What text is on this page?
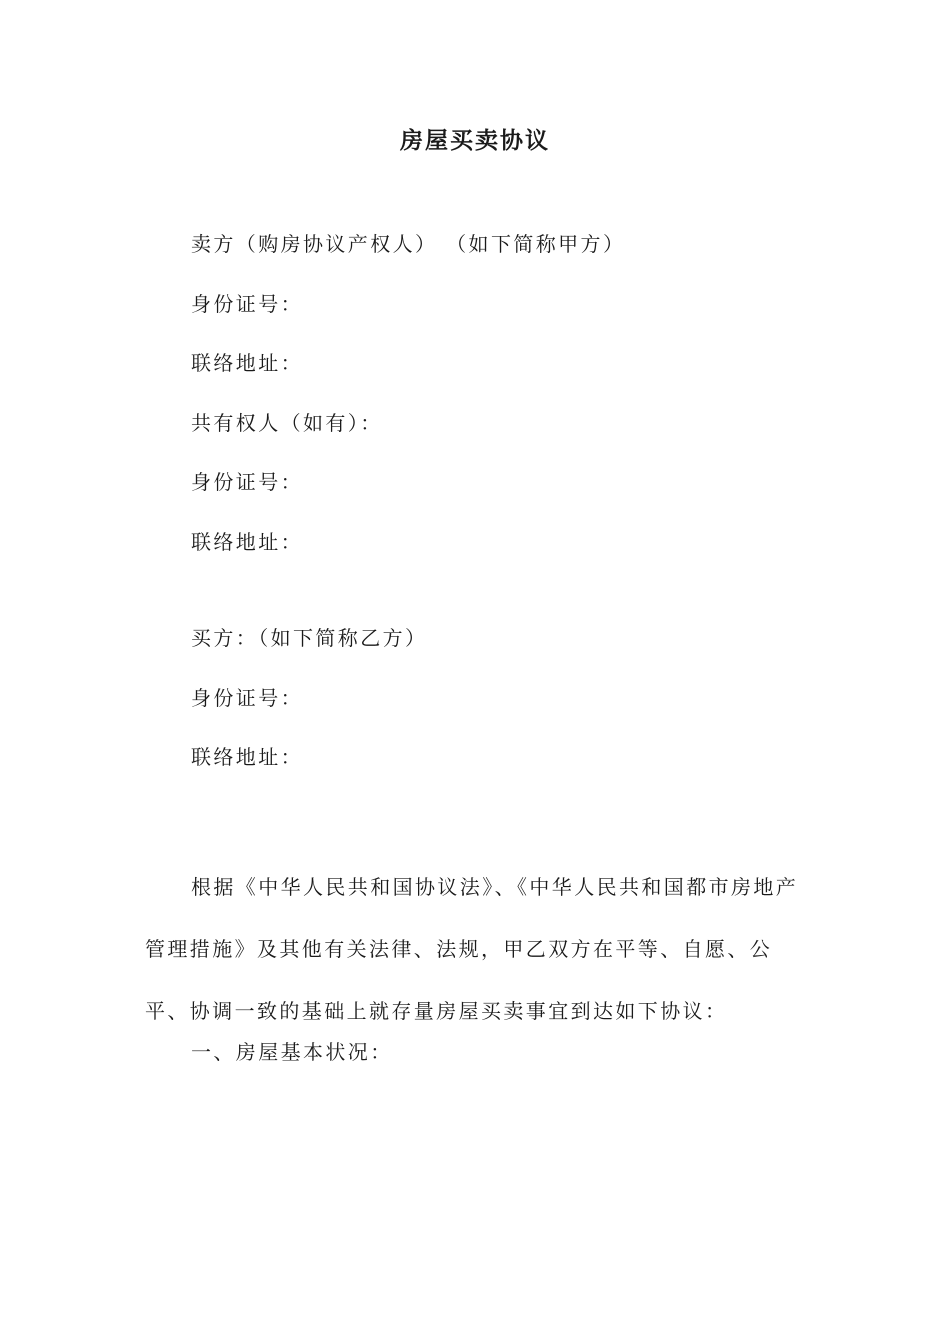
房屋买卖协议

卖方（购房协议产权人） （如下简称甲方）

身份证号：

联络地址：

共有权人（如有）：

身份证号：

联络地址：

买方：（如下简称乙方）

身份证号：

联络地址：

根据《中华人民共和国协议法》、《中华人民共和国都市房地产管理措施》及其他有关法律、法规，甲乙双方在平等、自愿、公平、协调一致的基础上就存量房屋买卖事宜到达如下协议：

一、房屋基本状况：
